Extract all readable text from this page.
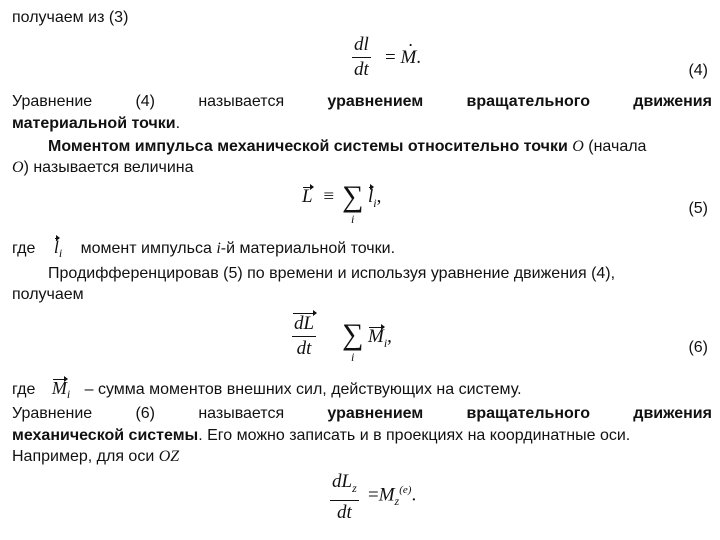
получаем из (3)
dl
dt
= · M.
(4)
Уравнение	(4)	называется	уравнением	вращательного	движения
материальной точки.
Моментом импульса механической системы относительно точки O (начала
O) называется величина
L ≡ ∑
i
$l_i$,
(5)
где $l_i$ момент импульса i-й материальной точки.
Продифференцировав (5) по времени и используя уравнение движения (4),
получаем
dL
dt ∑
i
$M_i$,
(6)
где $M_i$ – сумма моментов внешних сил, действующих на систему.
Уравнение	(6)	называется	уравнением	вращательного	движения
механической системы. Его можно записать и в проекциях на координатные оси.
Например, для оси OZ
$dL_z$
dt
$=M_z^{(e)}$.
